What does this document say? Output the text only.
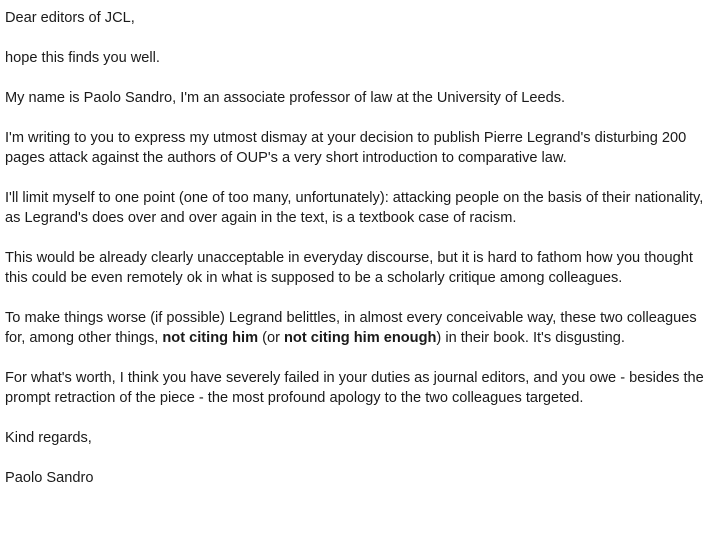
Dear editors of JCL,

hope this finds you well.

My name is Paolo Sandro, I'm an associate professor of law at the University of Leeds.

I'm writing to you to express my utmost dismay at your decision to publish Pierre Legrand's disturbing 200 pages attack against the authors of OUP's a very short introduction to comparative law.

I'll limit myself to one point (one of too many, unfortunately): attacking people on the basis of their nationality, as Legrand's does over and over again in the text, is a textbook case of racism.

This would be already clearly unacceptable in everyday discourse, but it is hard to fathom how you thought this could be even remotely ok in what is supposed to be a scholarly critique among colleagues.

To make things worse (if possible) Legrand belittles, in almost every conceivable way, these two colleagues for, among other things, not citing him (or not citing him enough) in their book. It's disgusting.

For what's worth, I think you have severely failed in your duties as journal editors, and you owe - besides the prompt retraction of the piece - the most profound apology to the two colleagues targeted.

Kind regards,

Paolo Sandro
